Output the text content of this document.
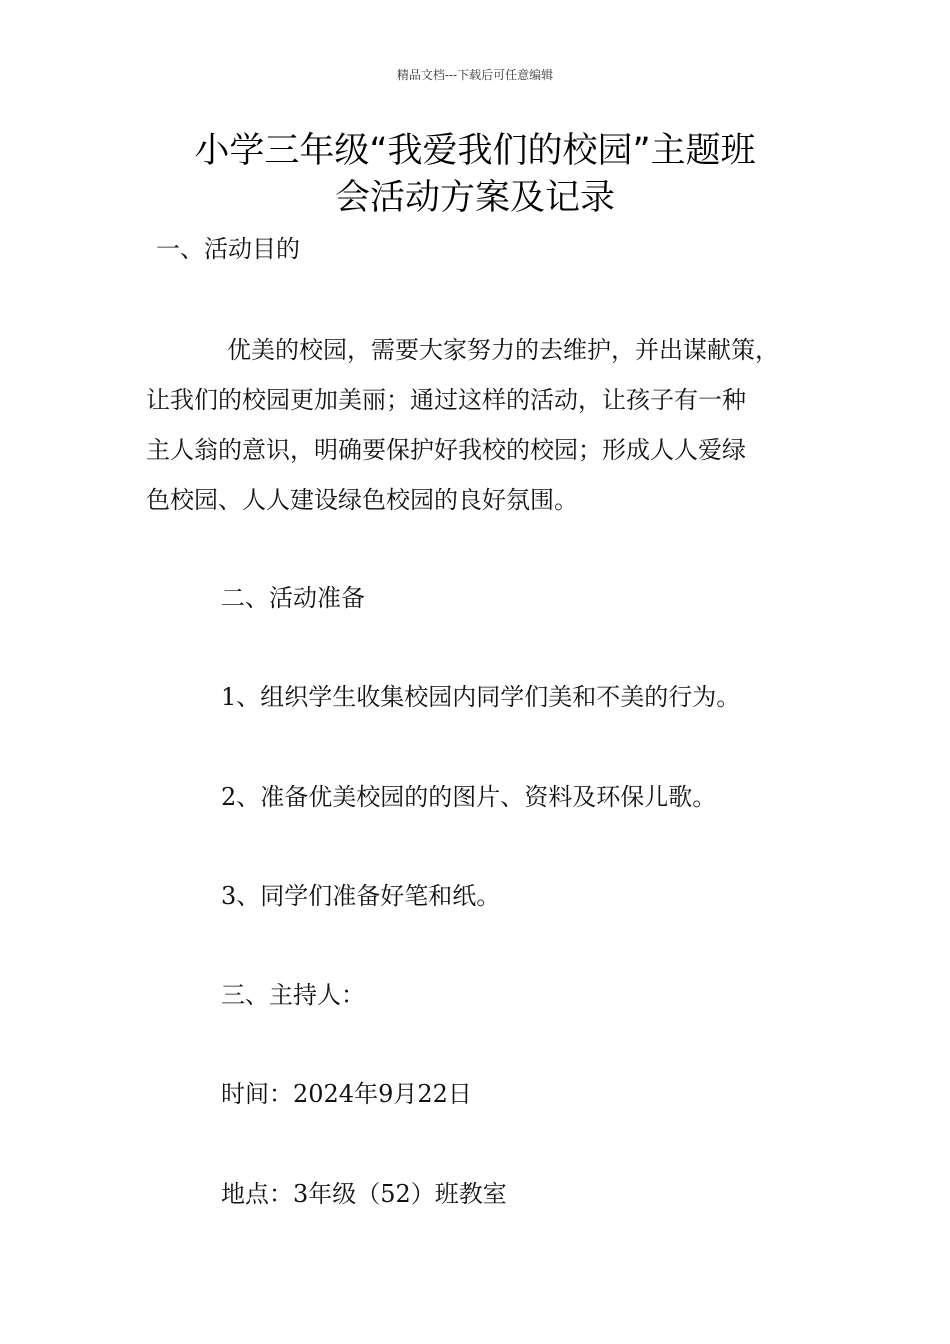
精品文档---下载后可任意编辑
小学三年级“我爱我们的校园”主题班
会活动方案及记录
一、活动目的
优美的校园，需要大家努力的去维护，并出谋献策，
让我们的校园更加美丽；通过这样的活动，让孩子有一种
主人翁的意识，明确要保护好我校的校园；形成人人爱绿
色校园、人人建设绿色校园的良好氛围。
二、活动准备
1、组织学生收集校园内同学们美和不美的行为。
2、准备优美校园的的图片、资料及环保儿歌。
3、同学们准备好笔和纸。
三、主持人：
时间：2024年9月22日
地点：3年级（52）班教室
